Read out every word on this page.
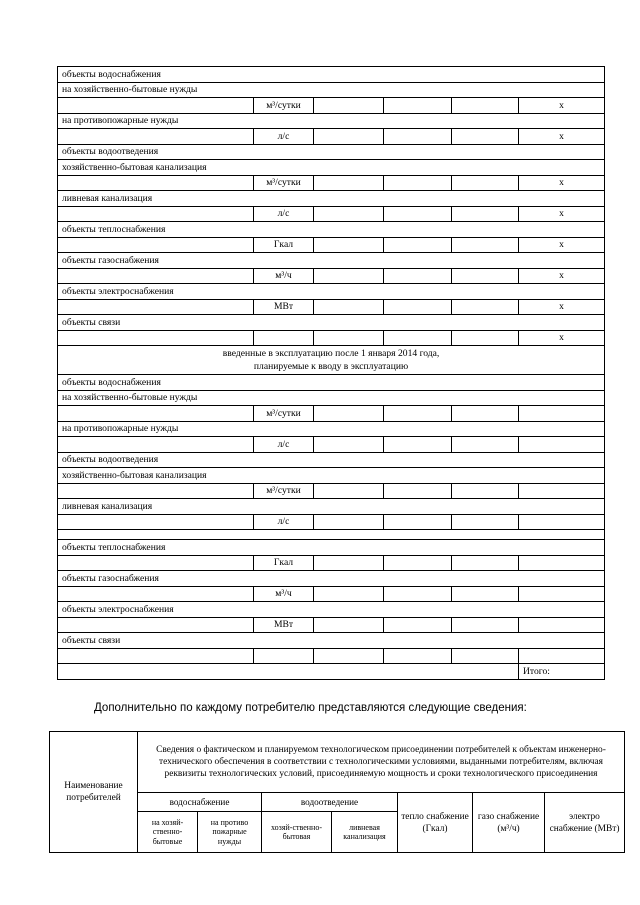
объекты водоснабжения					
на хозяйственно-бытовые нужды					
	м³/сутки				x
на противопожарные нужды					
	л/с				x
объекты водоотведения					
хозяйственно-бытовая канализация					
	м³/сутки				x
ливневая канализация					
	л/с				x
объекты теплоснабжения					
	Гкал				x
объекты газоснабжения					
	м³/ч				x
объекты электроснабжения					
	МВт				x
объекты связи					
					x
введенные в эксплуатацию после 1 января 2014 года,
планируемые к вводу в эксплуатацию					
объекты водоснабжения					
на хозяйственно-бытовые нужды					
	м³/сутки				
на противопожарные нужды					
	л/с				
объекты водоотведения					
хозяйственно-бытовая канализация					
	м³/сутки				
ливневая канализация					
	л/с				

объекты теплоснабжения					
	Гкал				
объекты газоснабжения					
	м³/ч				
объекты электроснабжения					
	МВт				
объекты связи					

					Итого:
Дополнительно по каждому потребителю представляются следующие сведения:
Наименование потребителей	Сведения о фактическом и планируемом технологическом присоединении потребителей к объектам инженерно-технического обеспечения в соответствии с технологическими условиями, выданными потребителям, включая реквизиты технологических условий, присоединяемую мощность и сроки технологического присоединения						
	водоснабжение		водоотведение		тепло снабжение (Гкал)	газо снабжение (м³/ч)	электро снабжение (МВт)
	на хозяй-ственно-бытовые	на противо пожарные нужды	хозяй-ственно-бытовая	ливневая канализация			
